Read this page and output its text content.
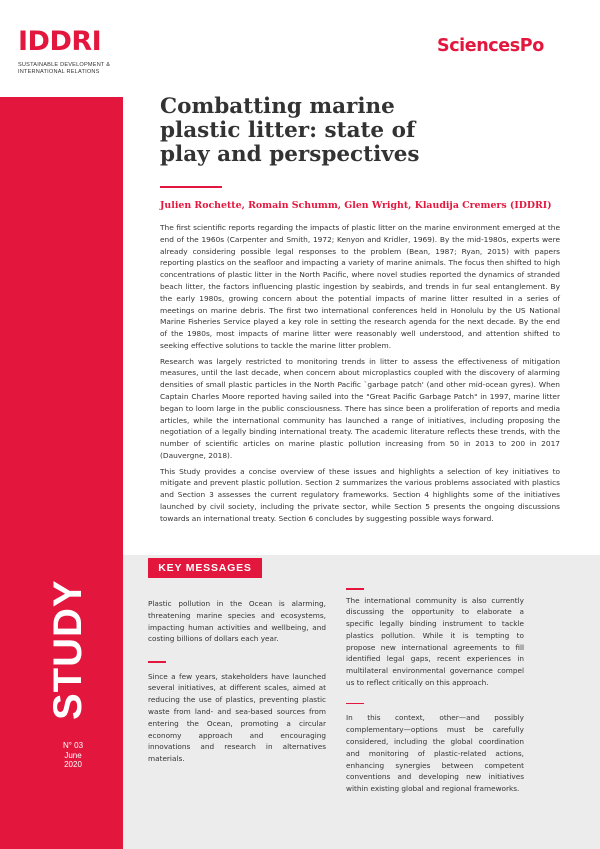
IDDRI
SUSTAINABLE DEVELOPMENT &
INTERNATIONAL RELATIONS
STUDY
N° 03
June
2020
SciencesPo
Combatting marine plastic litter: state of play and perspectives
Julien Rochette, Romain Schumm, Glen Wright, Klaudija Cremers (IDDRI)

The first scientific reports regarding the impacts of plastic litter on the marine environment emerged at the end of the 1960s (Carpenter and Smith, 1972; Kenyon and Kridler, 1969). By the mid-1980s, experts were already considering possible legal responses to the problem (Bean, 1987; Ryan, 2015) with papers reporting plastics on the seafloor and impacting a variety of marine animals. The focus then shifted to high concentrations of plastic litter in the North Pacific, where novel studies reported the dynamics of stranded beach litter, the factors influencing plastic ingestion by seabirds, and trends in fur seal entanglement. By the early 1980s, growing concern about the potential impacts of marine litter resulted in a series of meetings on marine debris. The first two international conferences held in Honolulu by the US National Marine Fisheries Service played a key role in setting the research agenda for the next decade. By the end of the 1980s, most impacts of marine litter were reasonably well understood, and attention shifted to seeking effective solutions to tackle the marine litter problem.

Research was largely restricted to monitoring trends in litter to assess the effectiveness of mitigation measures, until the last decade, when concern about microplastics coupled with the discovery of alarming densities of small plastic particles in the North Pacific `garbage patch' (and other mid-ocean gyres). When Captain Charles Moore reported having sailed into the "Great Pacific Garbage Patch" in 1997, marine litter began to loom large in the public consciousness. There has since been a proliferation of reports and media articles, while the international community has launched a range of initiatives, including proposing the negotiation of a legally binding international treaty. The academic literature reflects these trends, with the number of scientific articles on marine plastic pollution increasing from 50 in 2013 to 200 in 2017 (Dauvergne, 2018).

This Study provides a concise overview of these issues and highlights a selection of key initiatives to mitigate and prevent plastic pollution. Section 2 summarizes the various problems associated with plastics and Section 3 assesses the current regulatory frameworks. Section 4 highlights some of the initiatives launched by civil society, including the private sector, while Section 5 presents the ongoing discussions towards an international treaty. Section 6 concludes by suggesting possible ways forward.

KEY MESSAGES
Plastic pollution in the Ocean is alarming, threatening marine species and ecosystems, impacting human activities and wellbeing, and costing billions of dollars each year.
Since a few years, stakeholders have launched several initiatives, at different scales, aimed at reducing the use of plastics, preventing plastic waste from land- and sea-based sources from entering the Ocean, promoting a circular economy approach and encouraging innovations and research in alternatives materials.
The international community is also currently discussing the opportunity to elaborate a specific legally binding instrument to tackle plastics pollution. While it is tempting to propose new international agreements to fill identified legal gaps, recent experiences in multilateral environmental governance compel us to reflect critically on this approach.
In this context, other—and possibly complementary—options must be carefully considered, including the global coordination and monitoring of plastic-related actions, enhancing synergies between competent conventions and developing new initiatives within existing global and regional frameworks.
